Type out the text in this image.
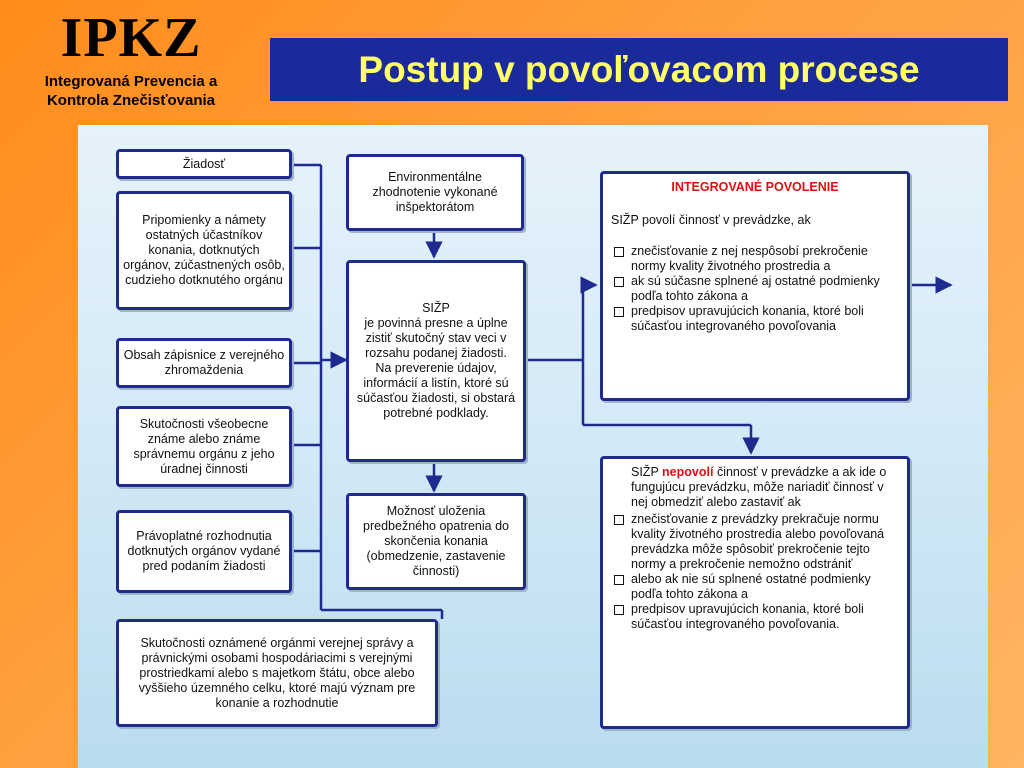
IPKZ
Integrovaná Prevencia a
Kontrola Znečisťovania
Postup v povoľovacom procese
Žiadosť
Pripomienky a námety ostatných účastníkov konania, dotknutých orgánov, zúčastnených osôb, cudzieho dotknutého orgánu
Obsah zápisnice z verejného zhromaždenia
Skutočnosti všeobecne známe alebo známe správnemu orgánu z jeho úradnej činnosti
Právoplatné rozhodnutia dotknutých orgánov vydané pred podaním žiadosti
Skutočnosti oznámené orgánmi verejnej správy a právnickými osobami hospodáriacimi s verejnými prostriedkami alebo s majetkom štátu, obce alebo vyššieho územného celku, ktoré majú význam pre konanie a rozhodnutie
Environmentálne zhodnotenie vykonané inšpektorátom
SIŽP
je povinná presne a úplne zistiť skutočný stav veci v rozsahu podanej žiadosti.
Na preverenie údajov, informácií a listín, ktoré sú súčasťou žiadosti, si obstará potrebné podklady.
Možnosť uloženia predbežného opatrenia do skončenia konania (obmedzenie, zastavenie činnosti)
INTEGROVANÉ POVOLENIE
SIŽP povolí činnosť v prevádzke, ak
znečisťovanie z nej nespôsobí prekročenie normy kvality životného prostredia a
ak sú súčasne splnené aj ostatné podmienky podľa tohto zákona a
predpisov upravujúcich konania, ktoré boli súčasťou integrovaného povoľovania
SIŽP nepovolí činnosť v prevádzke a ak ide o fungujúcu prevádzku, môže nariadiť činnosť v nej obmedziť alebo zastaviť ak
znečisťovanie z prevádzky prekračuje normu kvality životného prostredia alebo povoľovaná prevádzka môže spôsobiť prekročenie tejto normy a prekročenie nemožno odstrániť
alebo ak nie sú splnené ostatné podmienky podľa tohto zákona a
predpisov upravujúcich konania, ktoré boli súčasťou integrovaného povoľovania.
